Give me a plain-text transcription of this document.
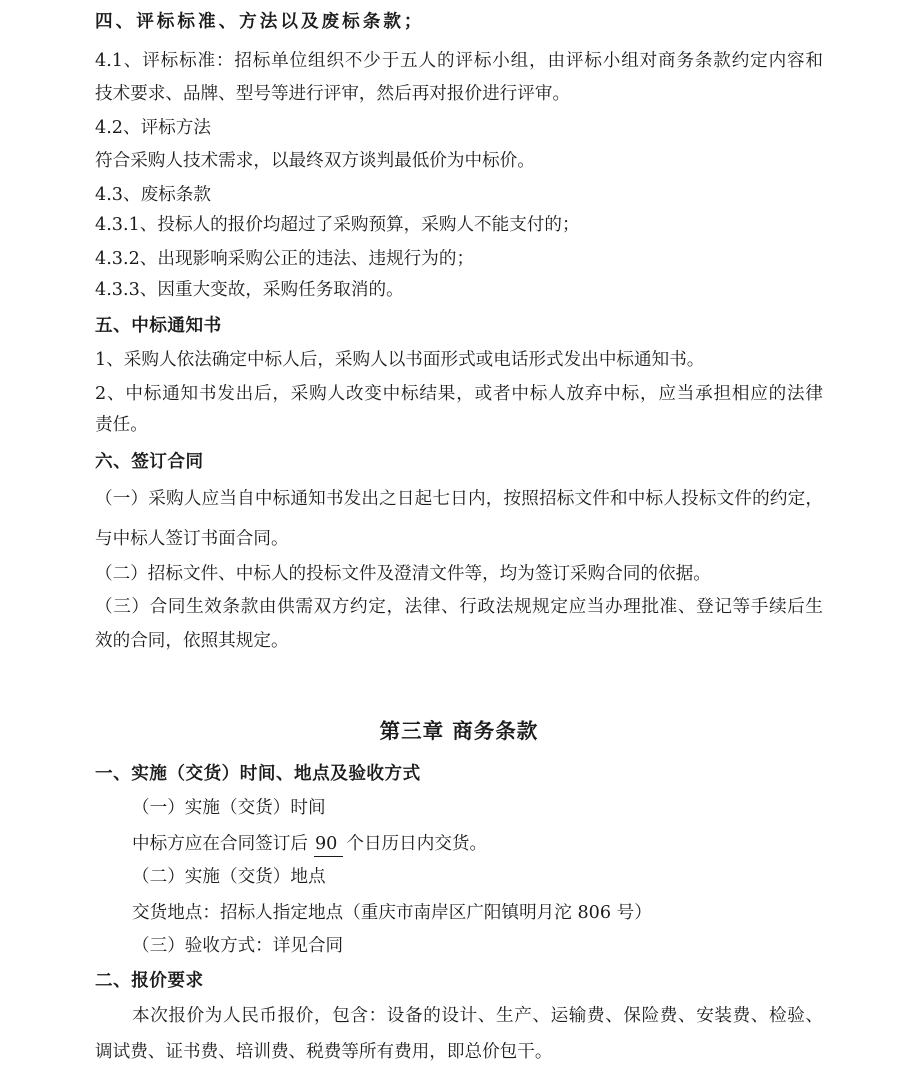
四、评标标准、方法以及废标条款；
4.1、评标标准：招标单位组织不少于五人的评标小组，由评标小组对商务条款约定内容和
技术要求、品牌、型号等进行评审，然后再对报价进行评审。
4.2、评标方法
符合采购人技术需求，以最终双方谈判最低价为中标价。
4.3、废标条款
4.3.1、投标人的报价均超过了采购预算，采购人不能支付的；
4.3.2、出现影响采购公正的违法、违规行为的；
4.3.3、因重大变故，采购任务取消的。
五、中标通知书
1、采购人依法确定中标人后，采购人以书面形式或电话形式发出中标通知书。
2、中标通知书发出后，采购人改变中标结果，或者中标人放弃中标，应当承担相应的法律
责任。
六、签订合同
（一）采购人应当自中标通知书发出之日起七日内，按照招标文件和中标人投标文件的约定，
与中标人签订书面合同。
（二）招标文件、中标人的投标文件及澄清文件等，均为签订采购合同的依据。
（三）合同生效条款由供需双方约定，法律、行政法规规定应当办理批准、登记等手续后生
效的合同，依照其规定。
第三章 商务条款
一、实施（交货）时间、地点及验收方式
（一）实施（交货）时间
中标方应在合同签订后 90 个日历日内交货。
（二）实施（交货）地点
交货地点：招标人指定地点（重庆市南岸区广阳镇明月沱 806 号）
（三）验收方式：详见合同
二、报价要求
本次报价为人民币报价，包含：设备的设计、生产、运输费、保险费、安装费、检验、
调试费、证书费、培训费、税费等所有费用，即总价包干。
